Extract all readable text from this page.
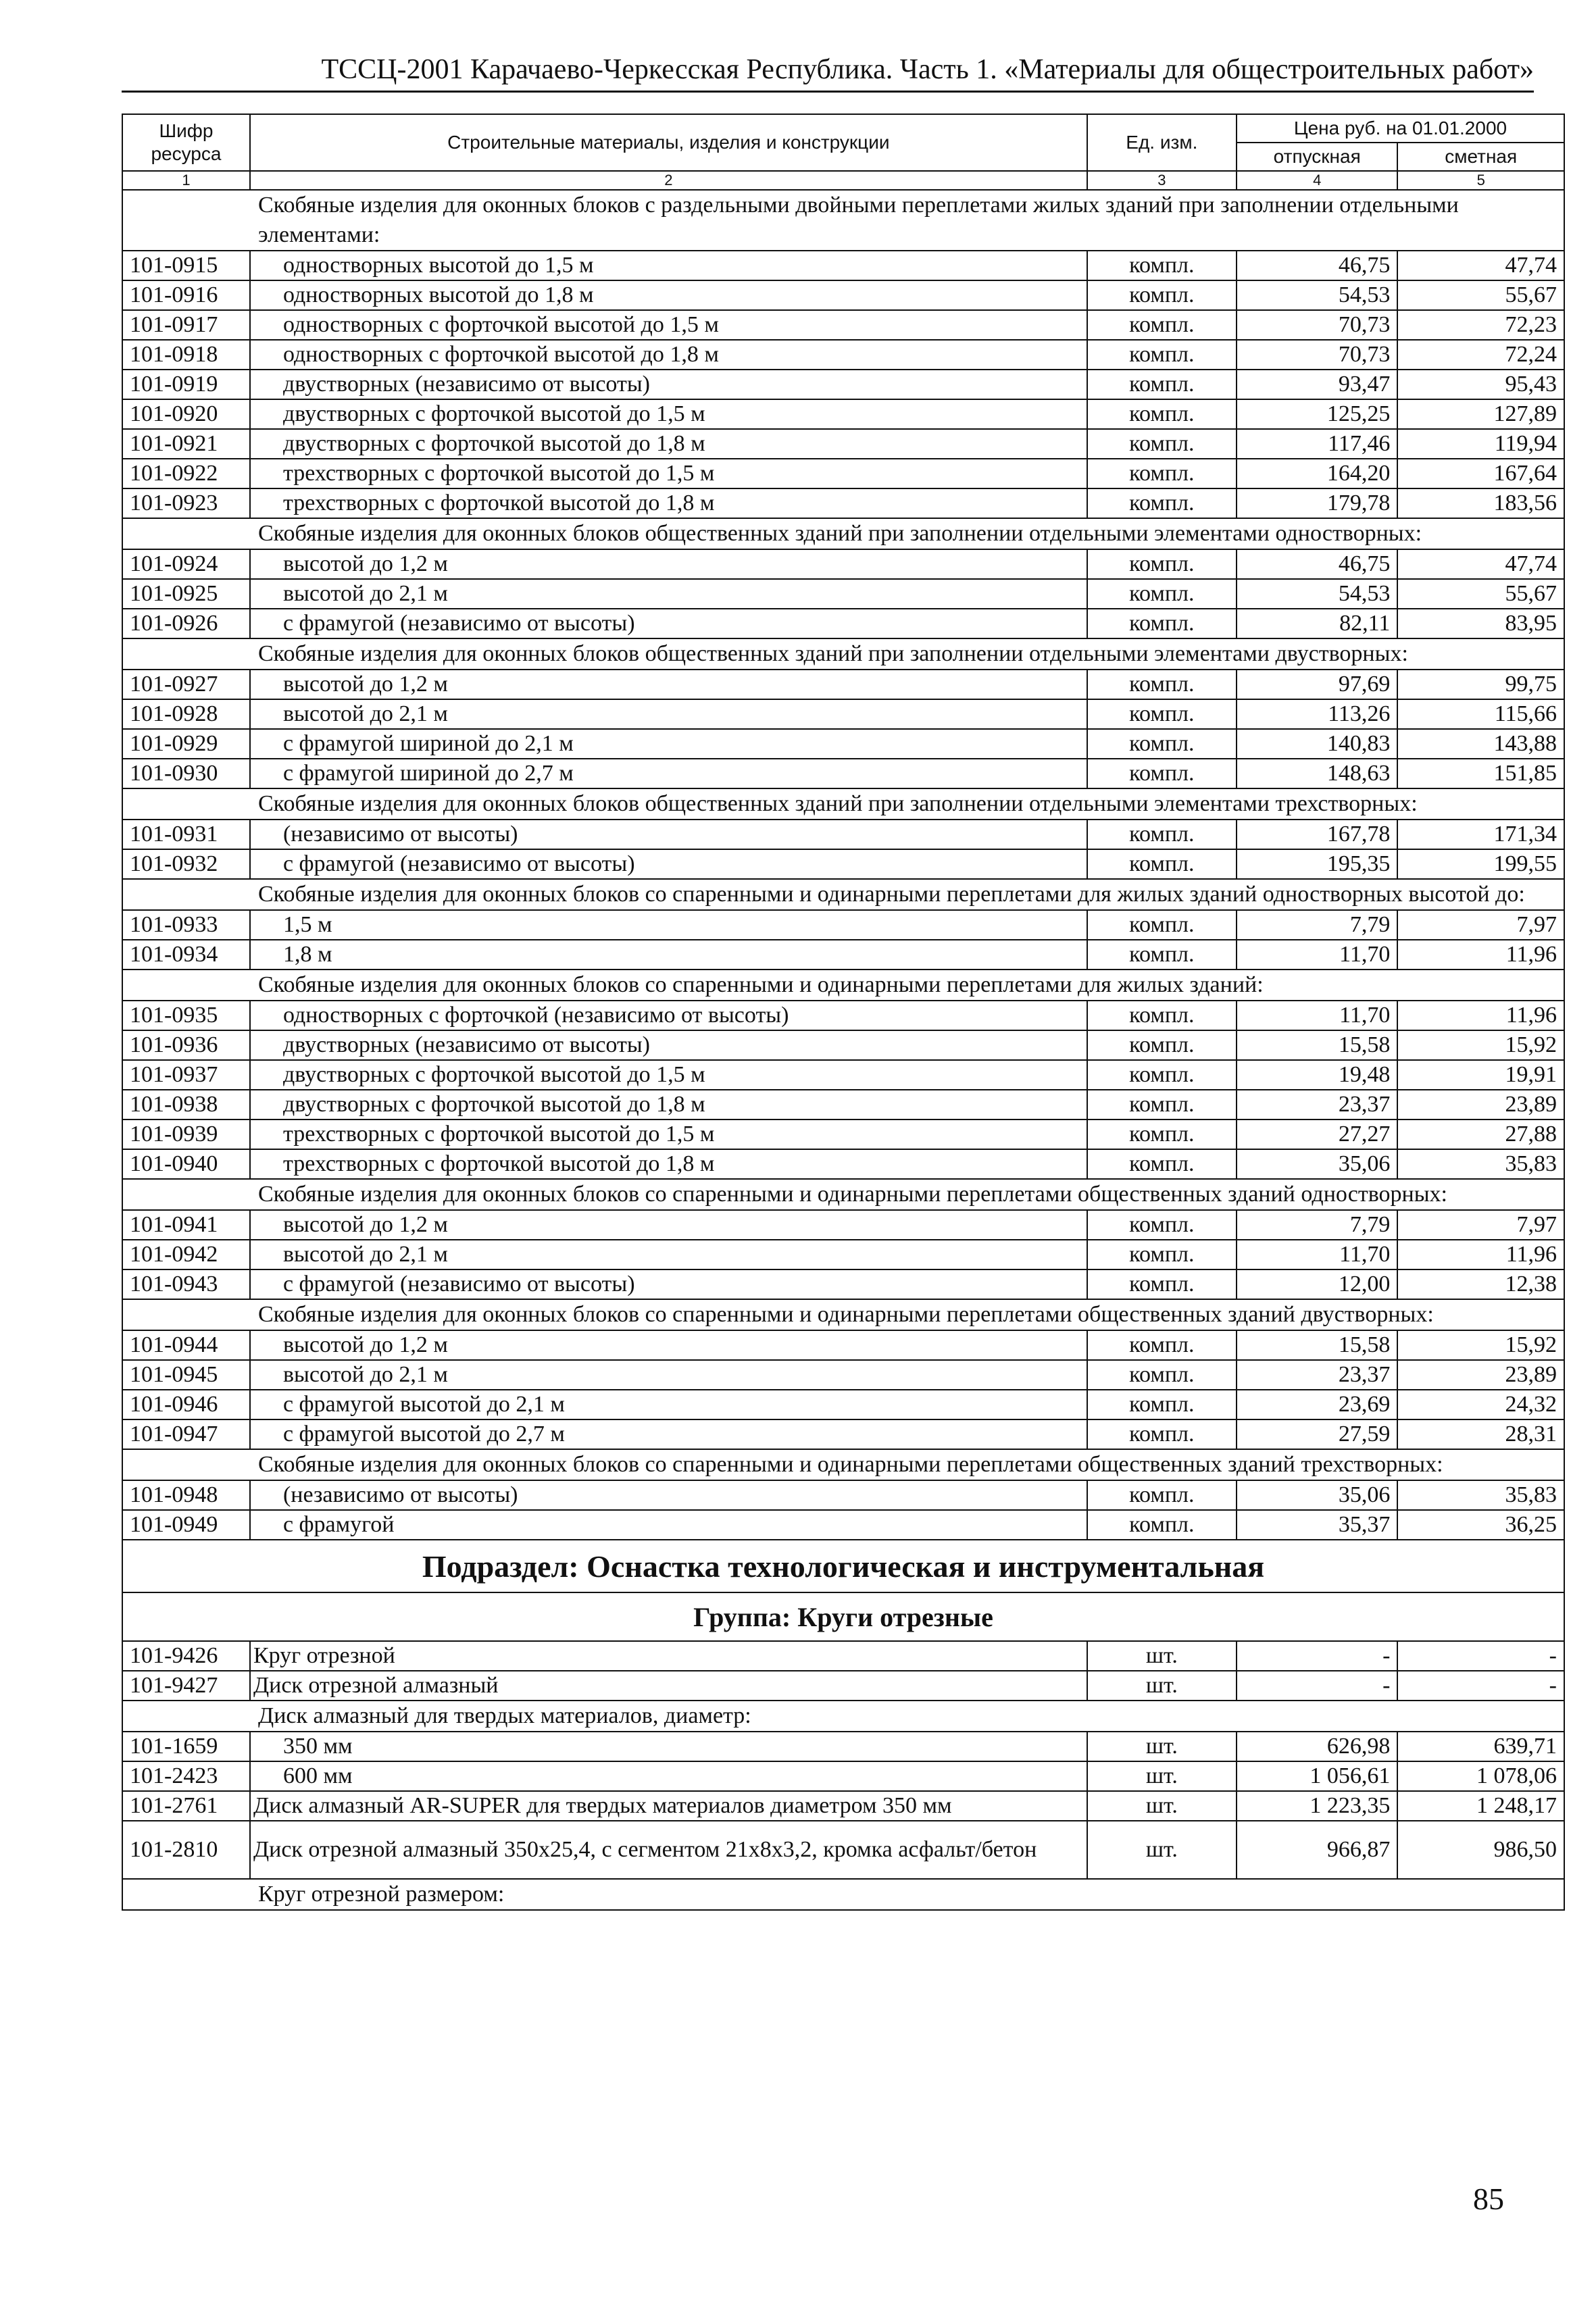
ТССЦ-2001 Карачаево-Черкесская Республика. Часть 1. «Материалы для общестроительных работ»
Шифр ресурса	Строительные материалы, изделия и конструкции	Ед. изм.	Цена руб. на 01.01.2000	
			отпускная	сметная
1	2	3	4	5
Скобяные изделия для оконных блоков с раздельными двойными переплетами жилых зданий при заполнении отдельными элементами:				
101-0915	одностворных высотой до 1,5 м	компл.	46,75	47,74
101-0916	одностворных высотой до 1,8 м	компл.	54,53	55,67
101-0917	одностворных с форточкой высотой до 1,5 м	компл.	70,73	72,23
101-0918	одностворных с форточкой высотой до 1,8 м	компл.	70,73	72,24
101-0919	двустворных (независимо от высоты)	компл.	93,47	95,43
101-0920	двустворных с форточкой высотой до 1,5 м	компл.	125,25	127,89
101-0921	двустворных с форточкой высотой до 1,8 м	компл.	117,46	119,94
101-0922	трехстворных с форточкой высотой до 1,5 м	компл.	164,20	167,64
101-0923	трехстворных с форточкой высотой до 1,8 м	компл.	179,78	183,56
Скобяные изделия для оконных блоков общественных зданий при заполнении отдельными элементами одностворных:				
101-0924	высотой до 1,2 м	компл.	46,75	47,74
101-0925	высотой до 2,1 м	компл.	54,53	55,67
101-0926	с фрамугой (независимо от высоты)	компл.	82,11	83,95
Скобяные изделия для оконных блоков общественных зданий при заполнении отдельными элементами двустворных:				
101-0927	высотой до 1,2 м	компл.	97,69	99,75
101-0928	высотой до 2,1 м	компл.	113,26	115,66
101-0929	с фрамугой шириной до 2,1 м	компл.	140,83	143,88
101-0930	с фрамугой шириной до 2,7 м	компл.	148,63	151,85
Скобяные изделия для оконных блоков общественных зданий при заполнении отдельными элементами трехстворных:				
101-0931	(независимо от высоты)	компл.	167,78	171,34
101-0932	с фрамугой (независимо от высоты)	компл.	195,35	199,55
Скобяные изделия для оконных блоков со спаренными и одинарными переплетами для жилых зданий одностворных высотой до:				
101-0933	1,5 м	компл.	7,79	7,97
101-0934	1,8 м	компл.	11,70	11,96
Скобяные изделия для оконных блоков со спаренными и одинарными переплетами для жилых зданий:				
101-0935	одностворных с форточкой (независимо от высоты)	компл.	11,70	11,96
101-0936	двустворных (независимо от высоты)	компл.	15,58	15,92
101-0937	двустворных с форточкой высотой до 1,5 м	компл.	19,48	19,91
101-0938	двустворных с форточкой высотой до 1,8 м	компл.	23,37	23,89
101-0939	трехстворных с форточкой высотой до 1,5 м	компл.	27,27	27,88
101-0940	трехстворных с форточкой высотой до 1,8 м	компл.	35,06	35,83
Скобяные изделия для оконных блоков со спаренными и одинарными переплетами общественных зданий одностворных:				
101-0941	высотой до 1,2 м	компл.	7,79	7,97
101-0942	высотой до 2,1 м	компл.	11,70	11,96
101-0943	с фрамугой (независимо от высоты)	компл.	12,00	12,38
Скобяные изделия для оконных блоков со спаренными и одинарными переплетами общественных зданий двустворных:				
101-0944	высотой до 1,2 м	компл.	15,58	15,92
101-0945	высотой до 2,1 м	компл.	23,37	23,89
101-0946	с фрамугой высотой до 2,1 м	компл.	23,69	24,32
101-0947	с фрамугой высотой до 2,7 м	компл.	27,59	28,31
Скобяные изделия для оконных блоков со спаренными и одинарными переплетами общественных зданий трехстворных:				
101-0948	(независимо от высоты)	компл.	35,06	35,83
101-0949	с фрамугой	компл.	35,37	36,25
Подраздел: Оснастка технологическая и инструментальная				
Группа: Круги отрезные				
101-9426	Круг отрезной	шт.	-	-
101-9427	Диск отрезной алмазный	шт.	-	-
Диск алмазный для твердых материалов, диаметр:				
101-1659	350 мм	шт.	626,98	639,71
101-2423	600 мм	шт.	1 056,61	1 078,06
101-2761	Диск алмазный AR-SUPER для твердых материалов диаметром 350 мм	шт.	1 223,35	1 248,17
101-2810	Диск отрезной алмазный 350x25,4, с сегментом 21x8x3,2, кромка асфальт/бетон	шт.	966,87	986,50
Круг отрезной размером:				
85
